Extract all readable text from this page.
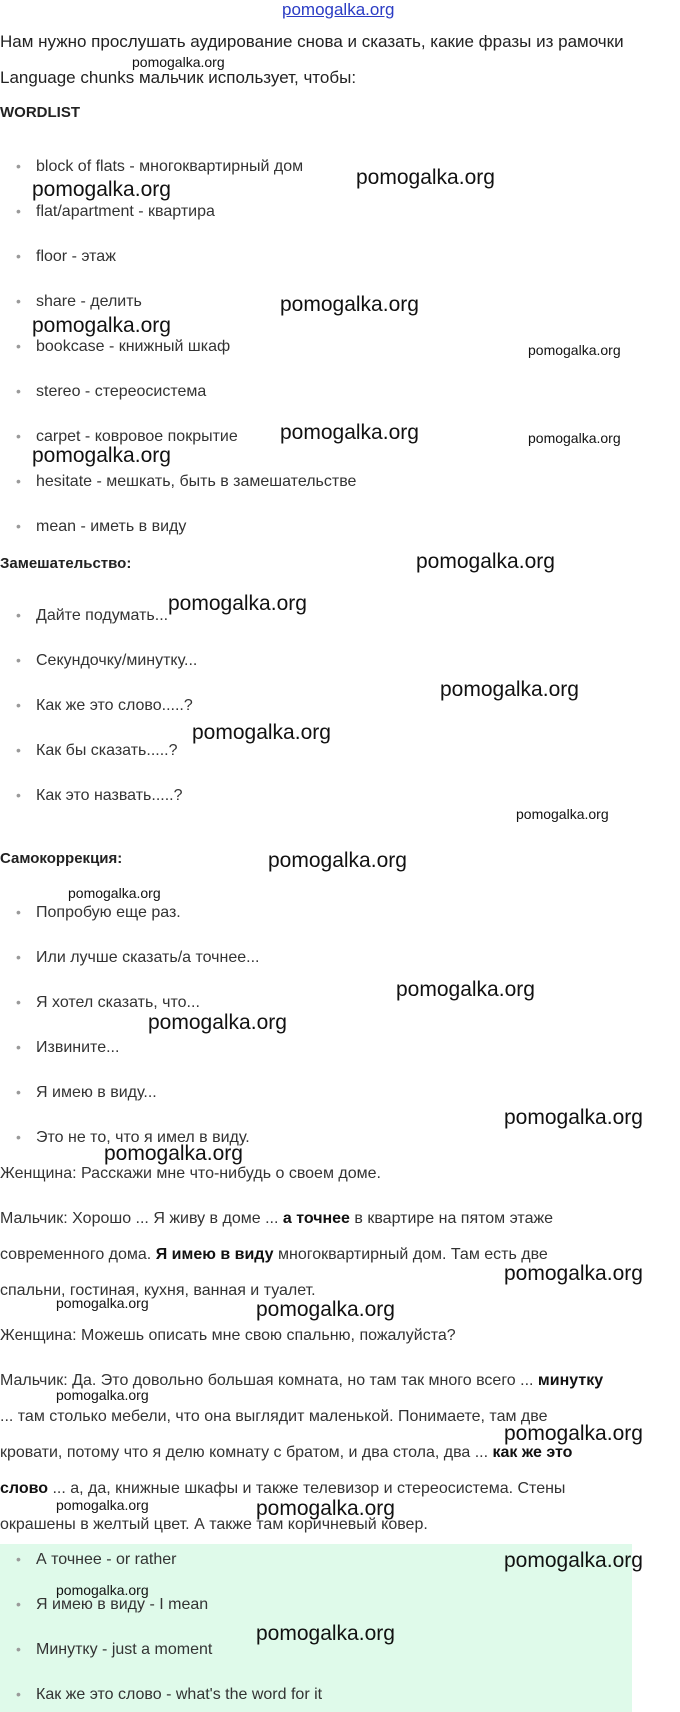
pomogalka.org
Нам нужно прослушать аудирование снова и сказать, какие фразы из рамочки
pomogalka.org
Language chunks мальчик использует, чтобы:
WORDLIST
• block of flats - многоквартирный дом
• flat/apartment - квартира
• floor - этаж
• share - делить
• bookcase - книжный шкаф
• stereo - стереосистема
• carpet - ковровое покрытие
• hesitate - мешкать, быть в замешательстве
• mean - иметь в виду
Замешательство:
• Дайте подумать...
• Секундочку/минутку...
• Как же это слово.....?
• Как бы сказать.....?
• Как это назвать.....?
Самокоррекция:
• Попробую еще раз.
• Или лучше сказать/а точнее...
• Я хотел сказать, что...
• Извините...
• Я имею в виду...
• Это не то, что я имел в виду.
Женщина: Расскажи мне что-нибудь о своем доме.
Мальчик: Хорошо ... Я живу в доме ... а точнее в квартире на пятом этаже
современного дома. Я имею в виду многоквартирный дом. Там есть две
спальни, гостиная, кухня, ванная и туалет.
Женщина: Можешь описать мне свою спальню, пожалуйста?
Мальчик: Да. Это довольно большая комната, но там так много всего ... минутку
... там столько мебели, что она выглядит маленькой. Понимаете, там две
кровати, потому что я делю комнату с братом, и два стола, два ... как же это
слово ... а, да, книжные шкафы и также телевизор и стереосистема. Стены
окрашены в желтый цвет. А также там коричневый ковер.
• А точнее - or rather
• Я имею в виду - I mean
• Минутку - just a moment
• Как же это слово - what's the word for it
pomogalka.org
pomogalka.org
pomogalka.org
pomogalka.org
pomogalka.org
pomogalka.org	pomogalka.org
pomogalka.org
pomogalka.org
pomogalka.org
pomogalka.org
pomogalka.org
pomogalka.org
pomogalka.org
pomogalka.org
pomogalka.org
pomogalka.org
pomogalka.org
pomogalka.org
pomogalka.org
pomogalka.org	pomogalka.org
pomogalka.org
pomogalka.org
pomogalka.org	pomogalka.org
pomogalka.org
pomogalka.org
pomogalka.org
